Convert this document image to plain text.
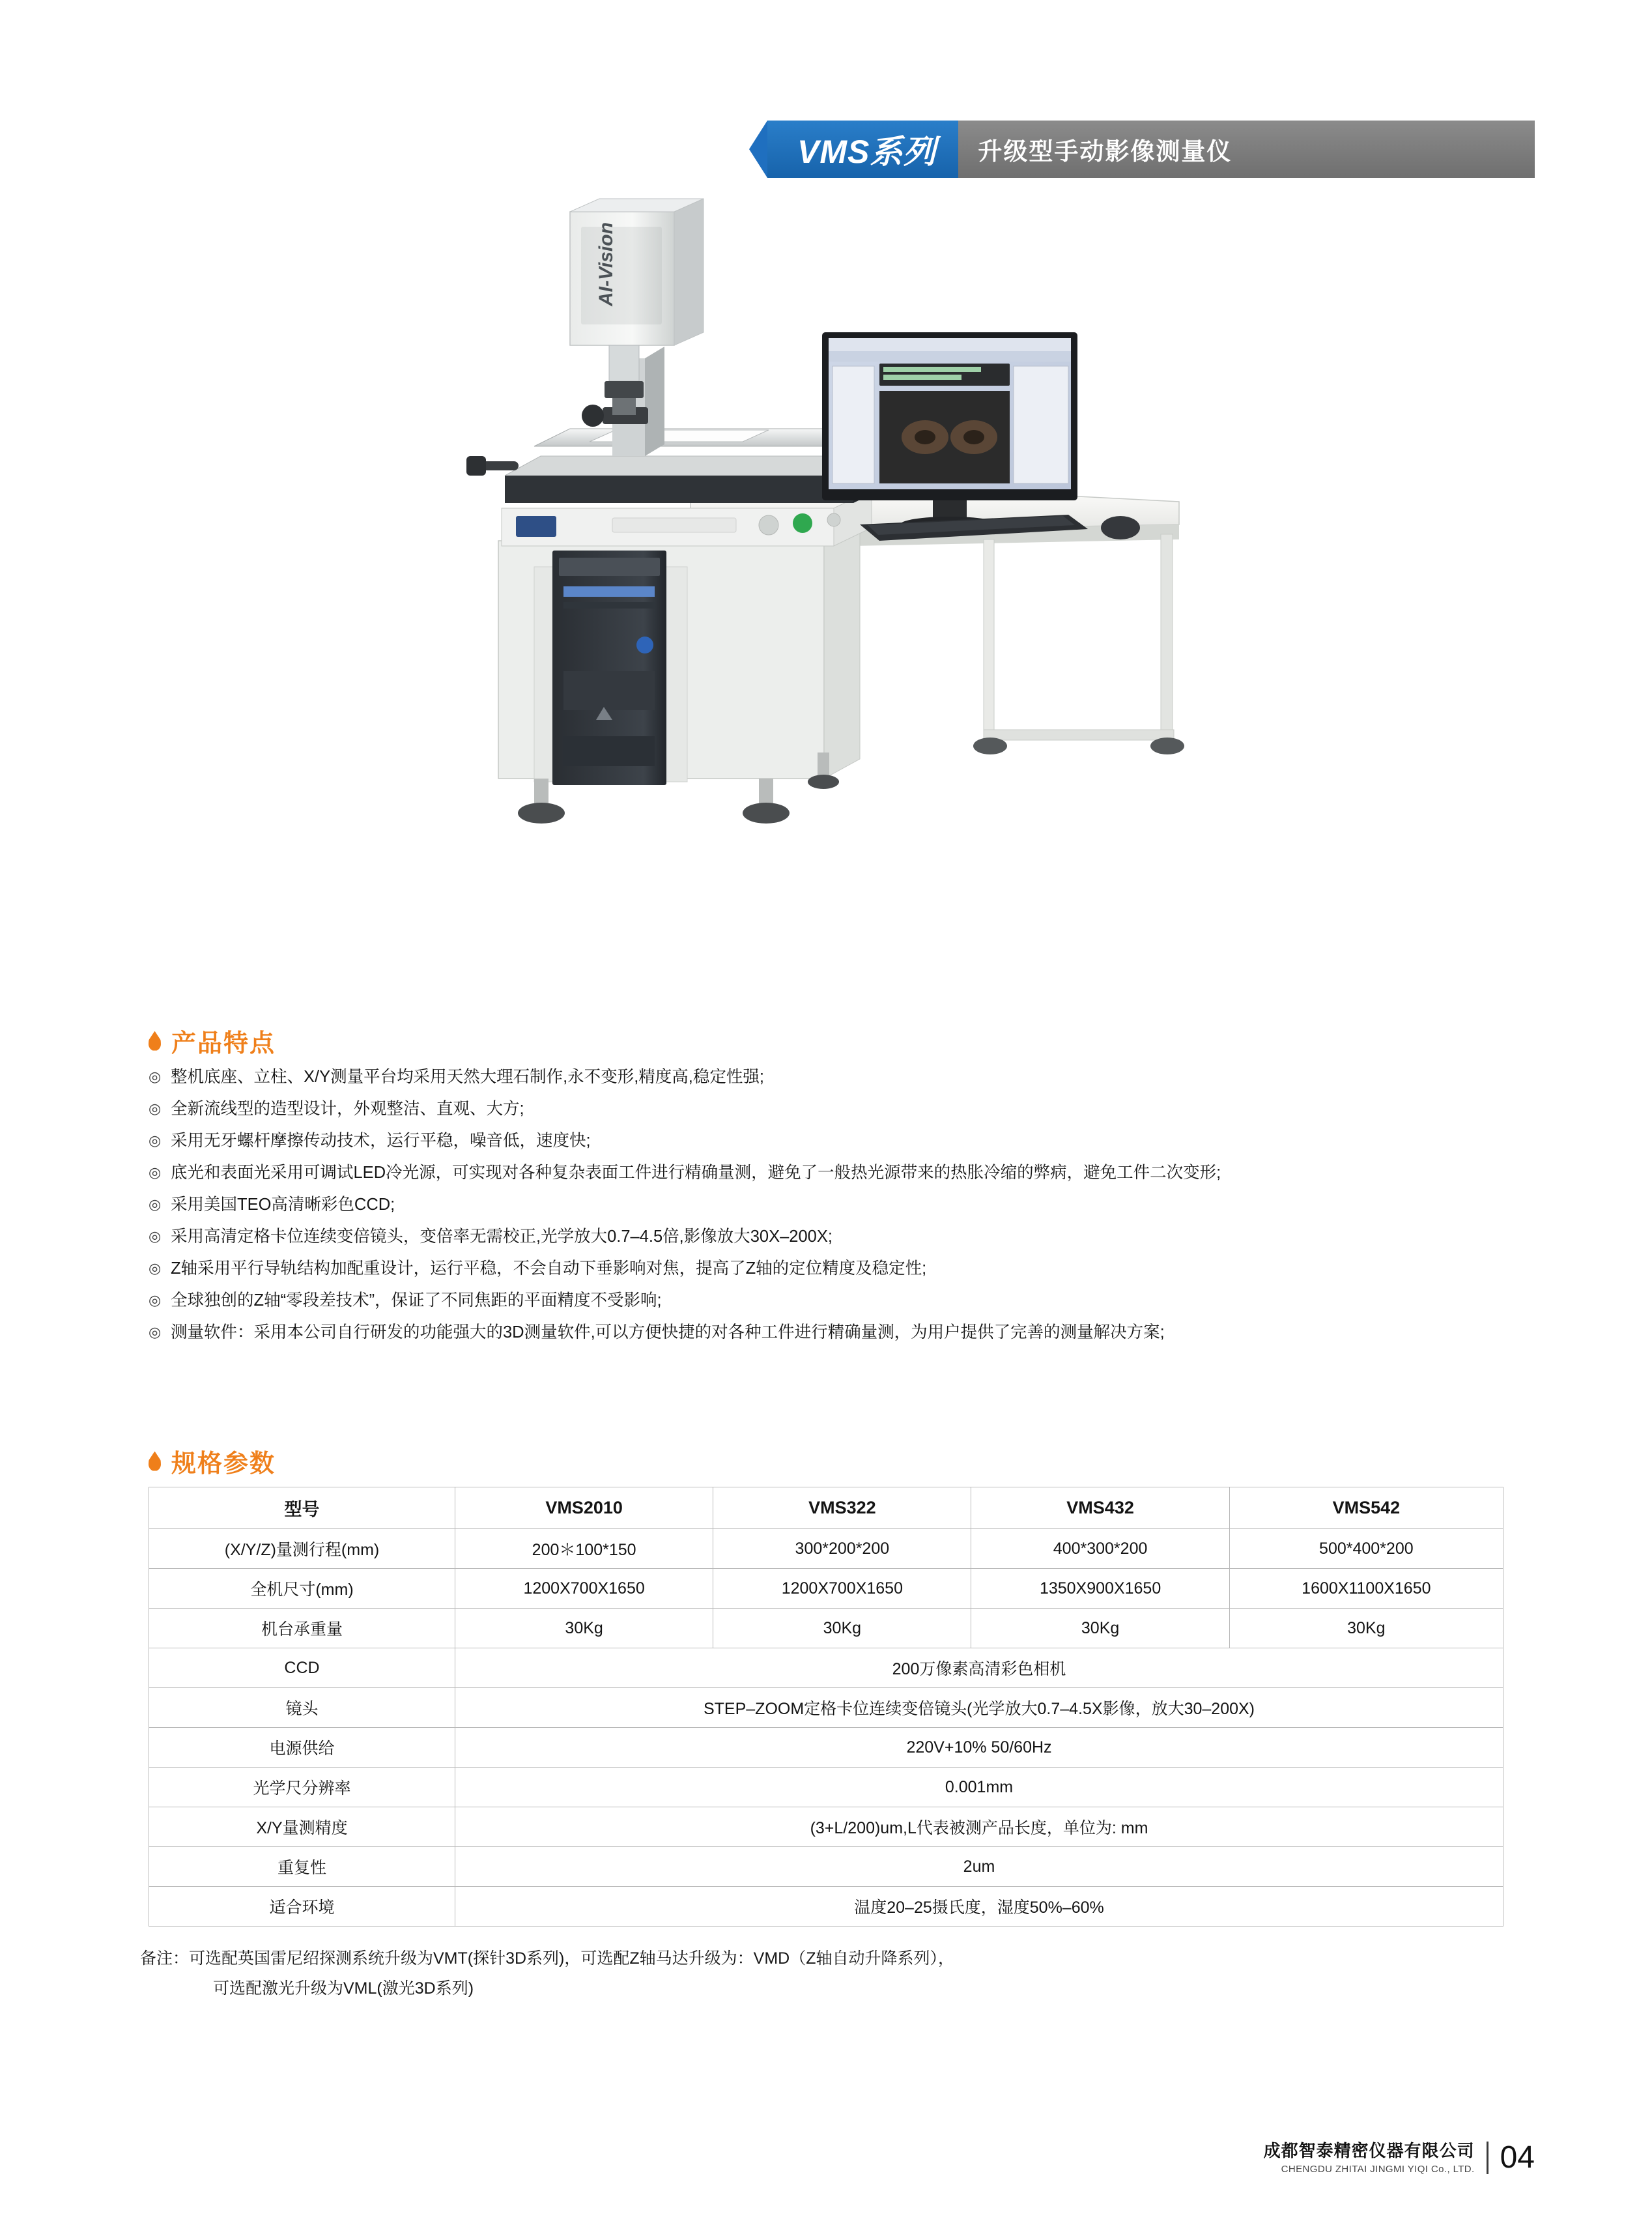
VMS系列 升级型手动影像测量仪
AI-Vision
产品特点
◎ 整机底座、立柱、X/Y测量平台均采用天然大理石制作,永不变形,精度高,稳定性强;
◎ 全新流线型的造型设计，外观整洁、直观、大方;
◎ 采用无牙螺杆摩擦传动技术，运行平稳，噪音低，速度快;
◎ 底光和表面光采用可调试LED冷光源，可实现对各种复杂表面工件进行精确量测，避免了一般热光源带来的热胀冷缩的弊病，避免工件二次变形;
◎ 采用美国TEO高清晰彩色CCD;
◎ 采用高清定格卡位连续变倍镜头，变倍率无需校正,光学放大0.7–4.5倍,影像放大30X–200X;
◎ Z轴采用平行导轨结构加配重设计，运行平稳，不会自动下垂影响对焦，提高了Z轴的定位精度及稳定性;
◎ 全球独创的Z轴“零段差技术”，保证了不同焦距的平面精度不受影响;
◎ 测量软件：采用本公司自行研发的功能强大的3D测量软件,可以方便快捷的对各种工件进行精确量测，为用户提供了完善的测量解决方案;
规格参数
型号	VMS2010	VMS322	VMS432	VMS542
(X/Y/Z)量测行程(mm)	200＊100*150	300*200*200	400*300*200	500*400*200
全机尺寸(mm)	1200X700X1650	1200X700X1650	1350X900X1650	1600X1100X1650
机台承重量	30Kg	30Kg	30Kg	30Kg
CCD	200万像素高清彩色相机			
镜头	STEP–ZOOM定格卡位连续变倍镜头(光学放大0.7–4.5X影像，放大30–200X)			
电源供给	220V+10% 50/60Hz			
光学尺分辨率	0.001mm			
X/Y量测精度	(3+L/200)um,L代表被测产品长度，单位为: mm			
重复性	2um			
适合环境	温度20–25摄氏度，湿度50%–60%			
备注：可选配英国雷尼绍探测系统升级为VMT(探针3D系列)，可选配Z轴马达升级为：VMD（Z轴自动升降系列），
可选配激光升级为VML(激光3D系列)
成都智泰精密仪器有限公司
CHENGDU ZHITAI JINGMI YIQI Co., LTD. 04
